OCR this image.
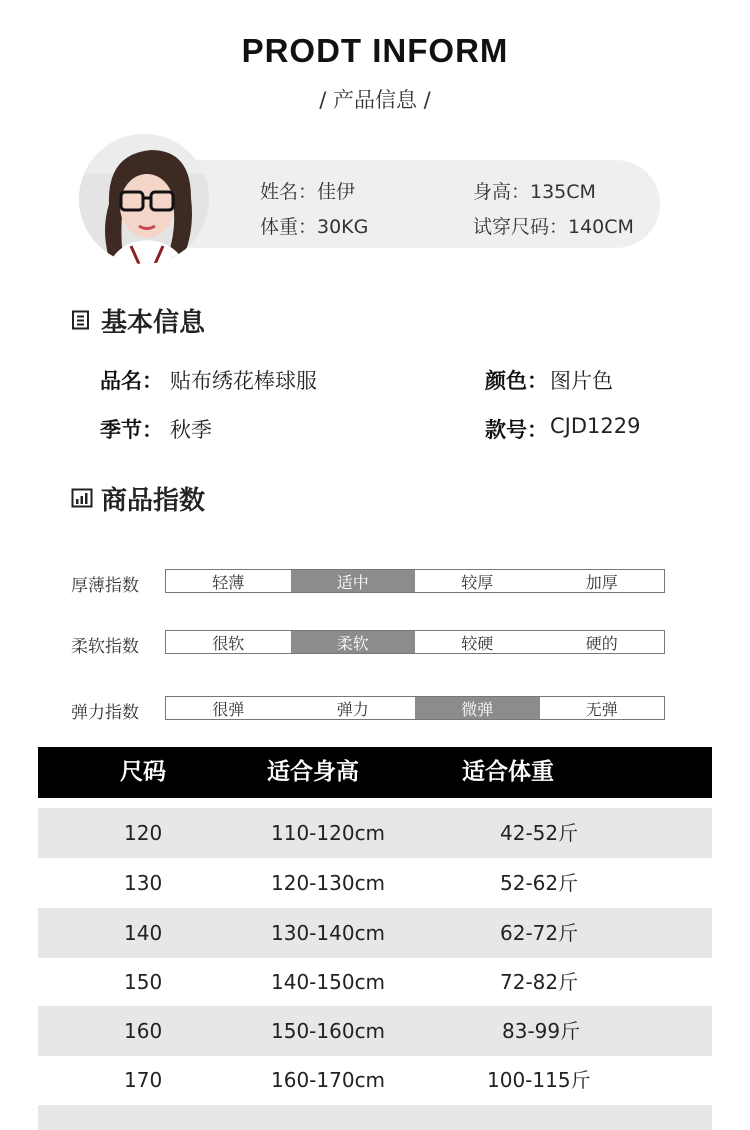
PRODT INFORM
/ 产品信息 /
姓名：佳伊	身高：135CM
体重：30KG	试穿尺码：140CM
基本信息
品名： 贴布绣花棒球服	颜色： 图片色
季节： 秋季	款号： CJD1229
商品指数
厚薄指数	轻薄	适中	较厚	加厚
柔软指数	很软	柔软	较硬	硬的
弹力指数	很弹	弹力	微弹	无弹
尺码	适合身高	适合体重
120	110-120cm	42-52斤
130	120-130cm	52-62斤
140	130-140cm	62-72斤
150	140-150cm	72-82斤
160	150-160cm	83-99斤
170	160-170cm	100-115斤
